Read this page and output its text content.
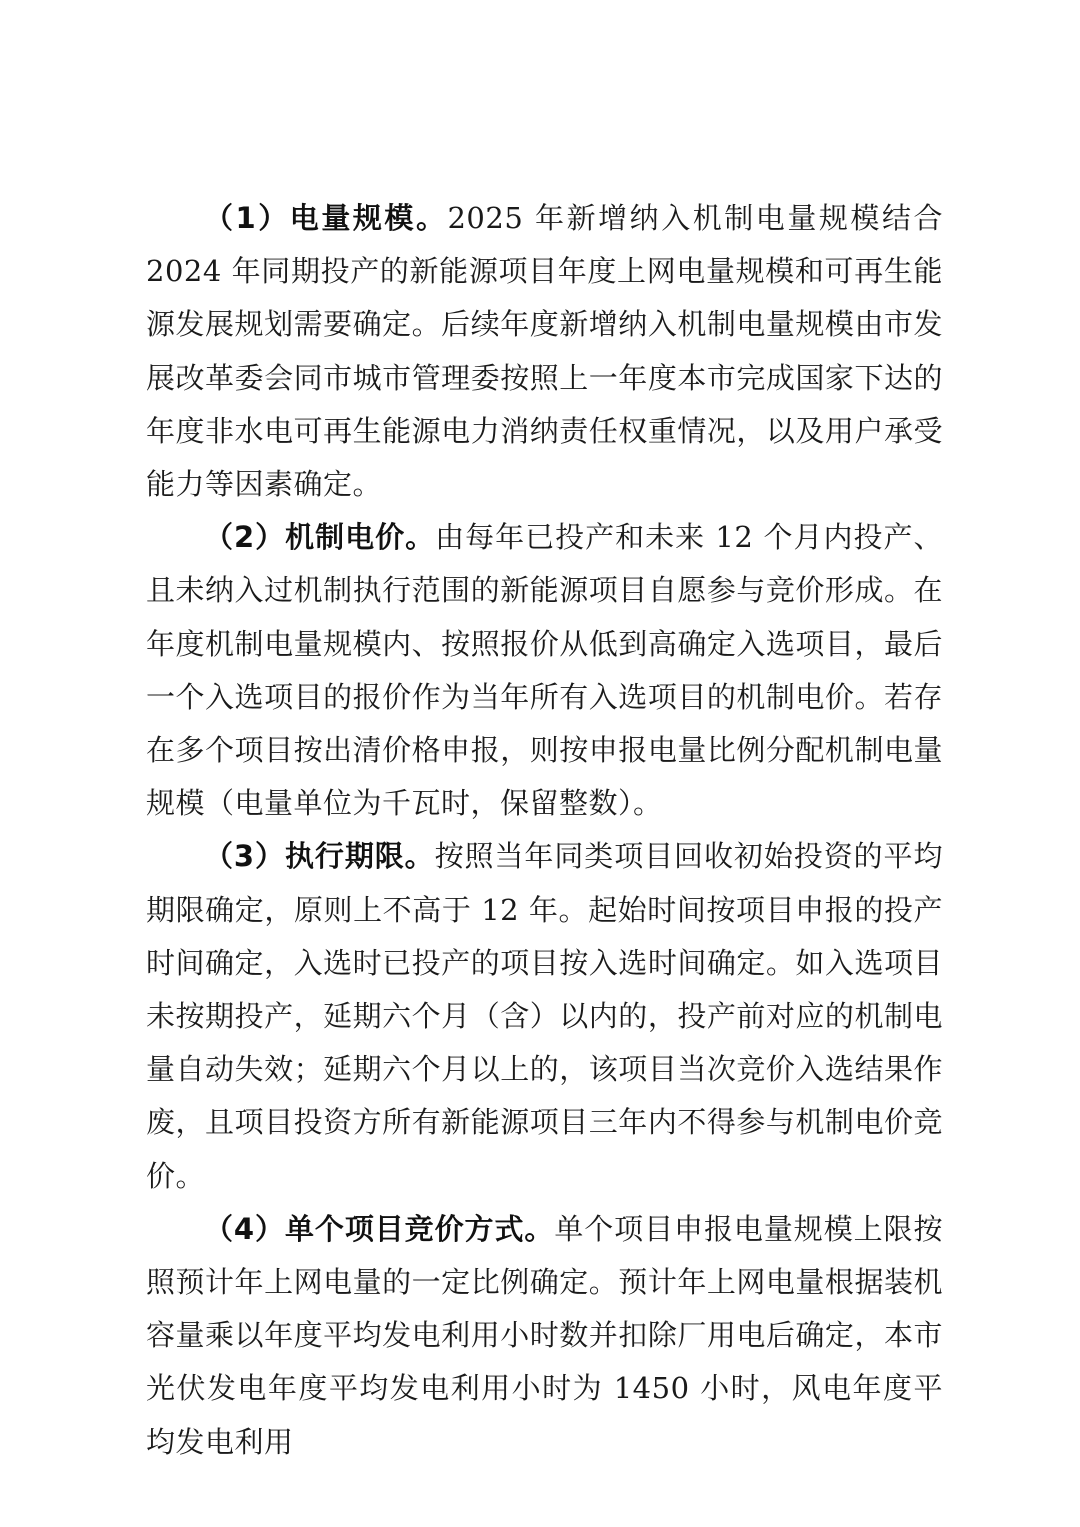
（1）电量规模。2025 年新增纳入机制电量规模结合 2024 年同期投产的新能源项目年度上网电量规模和可再生能源发展规划需要确定。后续年度新增纳入机制电量规模由市发展改革委会同市城市管理委按照上一年度本市完成国家下达的年度非水电可再生能源电力消纳责任权重情况，以及用户承受能力等因素确定。

（2）机制电价。由每年已投产和未来 12 个月内投产、且未纳入过机制执行范围的新能源项目自愿参与竞价形成。在年度机制电量规模内、按照报价从低到高确定入选项目，最后一个入选项目的报价作为当年所有入选项目的机制电价。若存在多个项目按出清价格申报，则按申报电量比例分配机制电量规模（电量单位为千瓦时，保留整数）。

（3）执行期限。按照当年同类项目回收初始投资的平均期限确定，原则上不高于 12 年。起始时间按项目申报的投产时间确定，入选时已投产的项目按入选时间确定。如入选项目未按期投产，延期六个月（含）以内的，投产前对应的机制电量自动失效；延期六个月以上的，该项目当次竞价入选结果作废，且项目投资方所有新能源项目三年内不得参与机制电价竞价。

（4）单个项目竞价方式。单个项目申报电量规模上限按照预计年上网电量的一定比例确定。预计年上网电量根据装机容量乘以年度平均发电利用小时数并扣除厂用电后确定，本市光伏发电年度平均发电利用小时为 1450 小时，风电年度平均发电利用
